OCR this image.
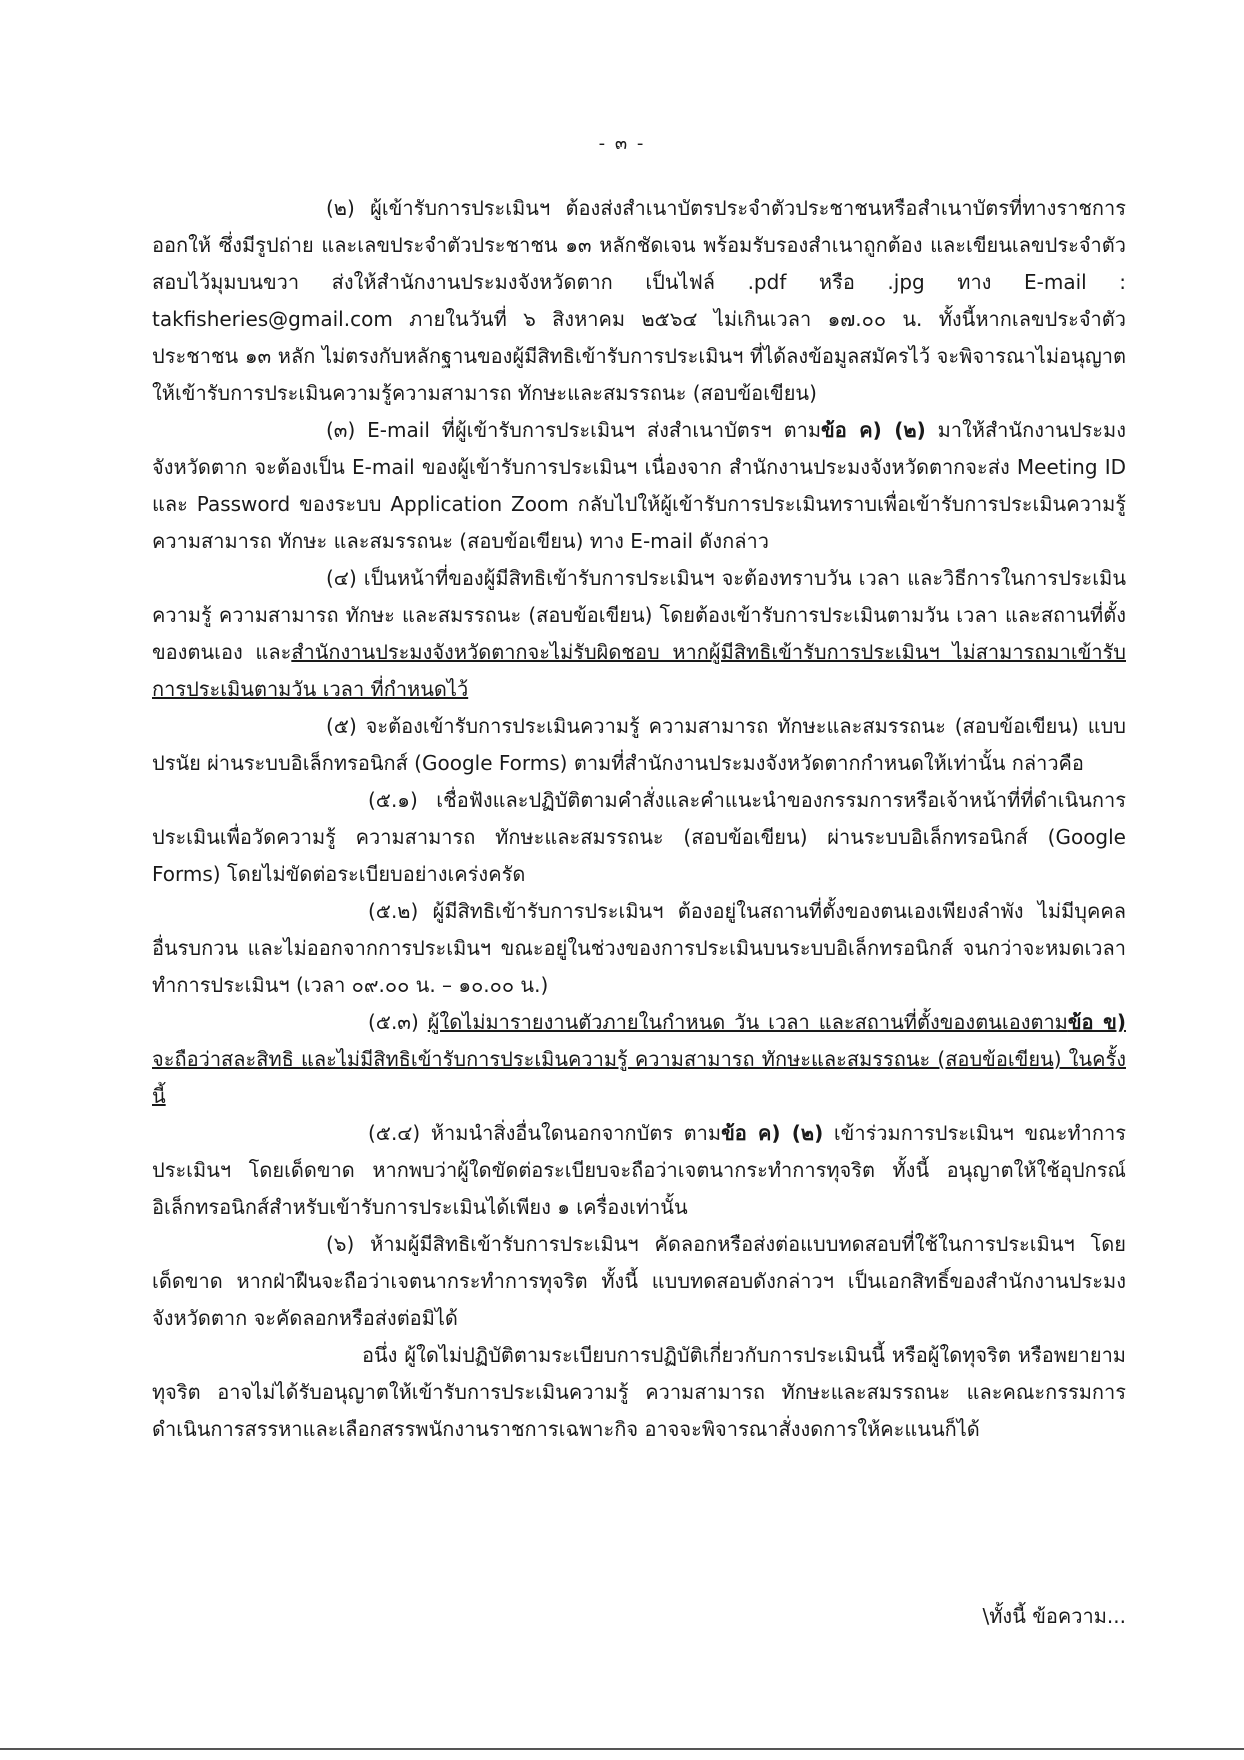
- ๓ -

(๒) ผู้เข้ารับการประเมินฯ ต้องส่งสำเนาบัตรประจำตัวประชาชนหรือสำเนาบัตรที่ทางราชการออกให้ ซึ่งมีรูปถ่าย และเลขประจำตัวประชาชน ๑๓ หลักชัดเจน พร้อมรับรองสำเนาถูกต้อง และเขียนเลขประจำตัวสอบไว้มุมบนขวา ส่งให้สำนักงานประมงจังหวัดตาก เป็นไฟล์ .pdf หรือ .jpg ทาง E-mail : takfisheries@gmail.com ภายในวันที่ ๖ สิงหาคม ๒๕๖๔ ไม่เกินเวลา ๑๗.๐๐ น. ทั้งนี้หากเลขประจำตัวประชาชน ๑๓ หลัก ไม่ตรงกับหลักฐานของผู้มีสิทธิเข้ารับการประเมินฯ ที่ได้ลงข้อมูลสมัครไว้ จะพิจารณาไม่อนุญาตให้เข้ารับการประเมินความรู้ความสามารถ ทักษะและสมรรถนะ (สอบข้อเขียน)

(๓) E-mail ที่ผู้เข้ารับการประเมินฯ ส่งสำเนาบัตรฯ ตามข้อ ค) (๒) มาให้สำนักงานประมงจังหวัดตาก จะต้องเป็น E-mail ของผู้เข้ารับการประเมินฯ เนื่องจาก สำนักงานประมงจังหวัดตากจะส่ง Meeting ID และ Password ของระบบ Application Zoom กลับไปให้ผู้เข้ารับการประเมินทราบเพื่อเข้ารับการประเมินความรู้ความสามารถ ทักษะ และสมรรถนะ (สอบข้อเขียน) ทาง E-mail ดังกล่าว

(๔) เป็นหน้าที่ของผู้มีสิทธิเข้ารับการประเมินฯ จะต้องทราบวัน เวลา และวิธีการในการประเมินความรู้ ความสามารถ ทักษะ และสมรรถนะ (สอบข้อเขียน) โดยต้องเข้ารับการประเมินตามวัน เวลา และสถานที่ตั้งของตนเอง และสำนักงานประมงจังหวัดตากจะไม่รับผิดชอบ หากผู้มีสิทธิเข้ารับการประเมินฯ ไม่สามารถมาเข้ารับการประเมินตามวัน เวลา ที่กำหนดไว้

(๕) จะต้องเข้ารับการประเมินความรู้ ความสามารถ ทักษะและสมรรถนะ (สอบข้อเขียน) แบบปรนัย ผ่านระบบอิเล็กทรอนิกส์ (Google Forms) ตามที่สำนักงานประมงจังหวัดตากกำหนดให้เท่านั้น กล่าวคือ

(๕.๑) เชื่อฟังและปฏิบัติตามคำสั่งและคำแนะนำของกรรมการหรือเจ้าหน้าที่ที่ดำเนินการประเมินเพื่อวัดความรู้ ความสามารถ ทักษะและสมรรถนะ (สอบข้อเขียน) ผ่านระบบอิเล็กทรอนิกส์ (Google Forms) โดยไม่ขัดต่อระเบียบอย่างเคร่งครัด

(๕.๒) ผู้มีสิทธิเข้ารับการประเมินฯ ต้องอยู่ในสถานที่ตั้งของตนเองเพียงลำพัง ไม่มีบุคคลอื่นรบกวน และไม่ออกจากการประเมินฯ ขณะอยู่ในช่วงของการประเมินบนระบบอิเล็กทรอนิกส์ จนกว่าจะหมดเวลาทำการประเมินฯ (เวลา ๐๙.๐๐ น. – ๑๐.๐๐ น.)

(๕.๓) ผู้ใดไม่มารายงานตัวภายในกำหนด วัน เวลา และสถานที่ตั้งของตนเองตามข้อ ข) จะถือว่าสละสิทธิ และไม่มีสิทธิเข้ารับการประเมินความรู้ ความสามารถ ทักษะและสมรรถนะ (สอบข้อเขียน) ในครั้งนี้

(๕.๔) ห้ามนำสิ่งอื่นใดนอกจากบัตร ตามข้อ ค) (๒) เข้าร่วมการประเมินฯ ขณะทำการประเมินฯ โดยเด็ดขาด หากพบว่าผู้ใดขัดต่อระเบียบจะถือว่าเจตนากระทำการทุจริต ทั้งนี้ อนุญาตให้ใช้อุปกรณ์อิเล็กทรอนิกส์สำหรับเข้ารับการประเมินได้เพียง ๑ เครื่องเท่านั้น

(๖) ห้ามผู้มีสิทธิเข้ารับการประเมินฯ คัดลอกหรือส่งต่อแบบทดสอบที่ใช้ในการประเมินฯ โดยเด็ดขาด หากฝ่าฝืนจะถือว่าเจตนากระทำการทุจริต ทั้งนี้ แบบทดสอบดังกล่าวฯ เป็นเอกสิทธิ์ของสำนักงานประมงจังหวัดตาก จะคัดลอกหรือส่งต่อมิได้

อนึ่ง ผู้ใดไม่ปฏิบัติตามระเบียบการปฏิบัติเกี่ยวกับการประเมินนี้ หรือผู้ใดทุจริต หรือพยายามทุจริต อาจไม่ได้รับอนุญาตให้เข้ารับการประเมินความรู้ ความสามารถ ทักษะและสมรรถนะ และคณะกรรมการดำเนินการสรรหาและเลือกสรรพนักงานราชการเฉพาะกิจ อาจจะพิจารณาสั่งงดการให้คะแนนก็ได้

\ทั้งนี้ ข้อความ...
